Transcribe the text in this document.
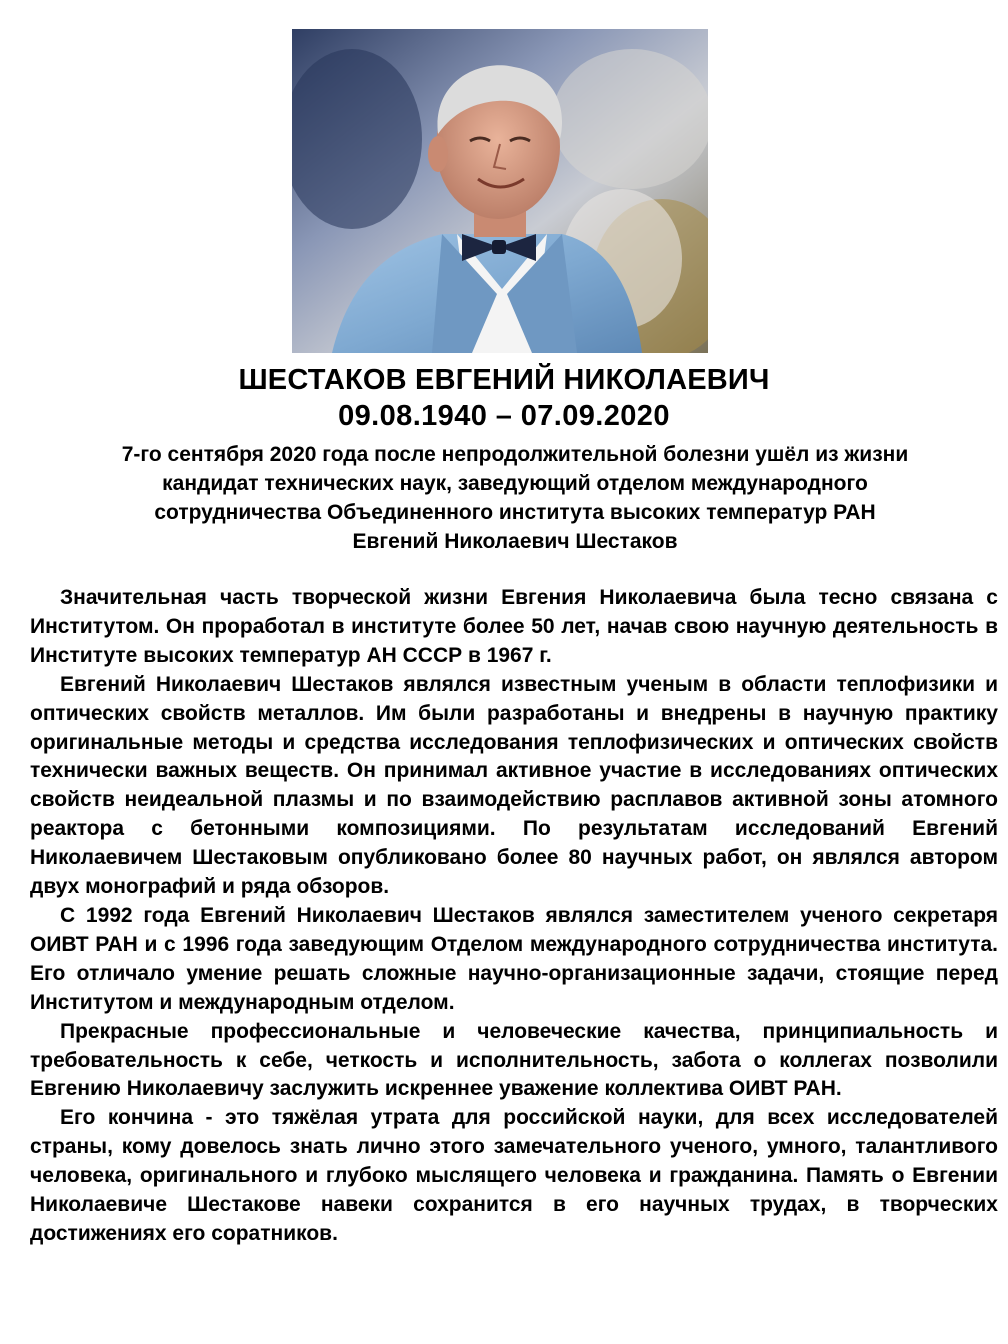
ШЕСТАКОВ ЕВГЕНИЙ НИКОЛАЕВИЧ
09.08.1940 – 07.09.2020
7-го сентября 2020 года после непродолжительной болезни ушёл из жизни
кандидат технических наук, заведующий отделом международного
сотрудничества Объединенного института высоких температур РАН
Евгений Николаевич Шестаков

Значительная часть творческой жизни Евгения Николаевича была тесно связана с Институтом. Он проработал в институте более 50 лет, начав свою научную деятельность в Институте высоких температур АН СССР в 1967 г.

Евгений Николаевич Шестаков являлся известным ученым в области теплофизики и оптических свойств металлов. Им были разработаны и внедрены в научную практику оригинальные методы и средства исследования теплофизических и оптических свойств технически важных веществ. Он принимал активное участие в исследованиях оптических свойств неидеальной плазмы и по взаимодействию расплавов активной зоны атомного реактора с бетонными композициями. По результатам исследований Евгений Николаевичем Шестаковым опубликовано более 80 научных работ, он являлся автором двух монографий и ряда обзоров.

С 1992 года Евгений Николаевич Шестаков являлся заместителем ученого секретаря ОИВТ РАН и с 1996 года заведующим Отделом международного сотрудничества института. Его отличало умение решать сложные научно-организационные задачи, стоящие перед Институтом и международным отделом.

Прекрасные профессиональные и человеческие качества, принципиальность и требовательность к себе, четкость и исполнительность, забота о коллегах позволили Евгению Николаевичу заслужить искреннее уважение коллектива ОИВТ РАН.

Его кончина - это тяжёлая утрата для российской науки, для всех исследователей страны, кому довелось знать лично этого замечательного ученого, умного, талантливого человека, оригинального и глубоко мыслящего человека и гражданина. Память о Евгении Николаевиче Шестакове навеки сохранится в его научных трудах, в творческих достижениях его соратников.
